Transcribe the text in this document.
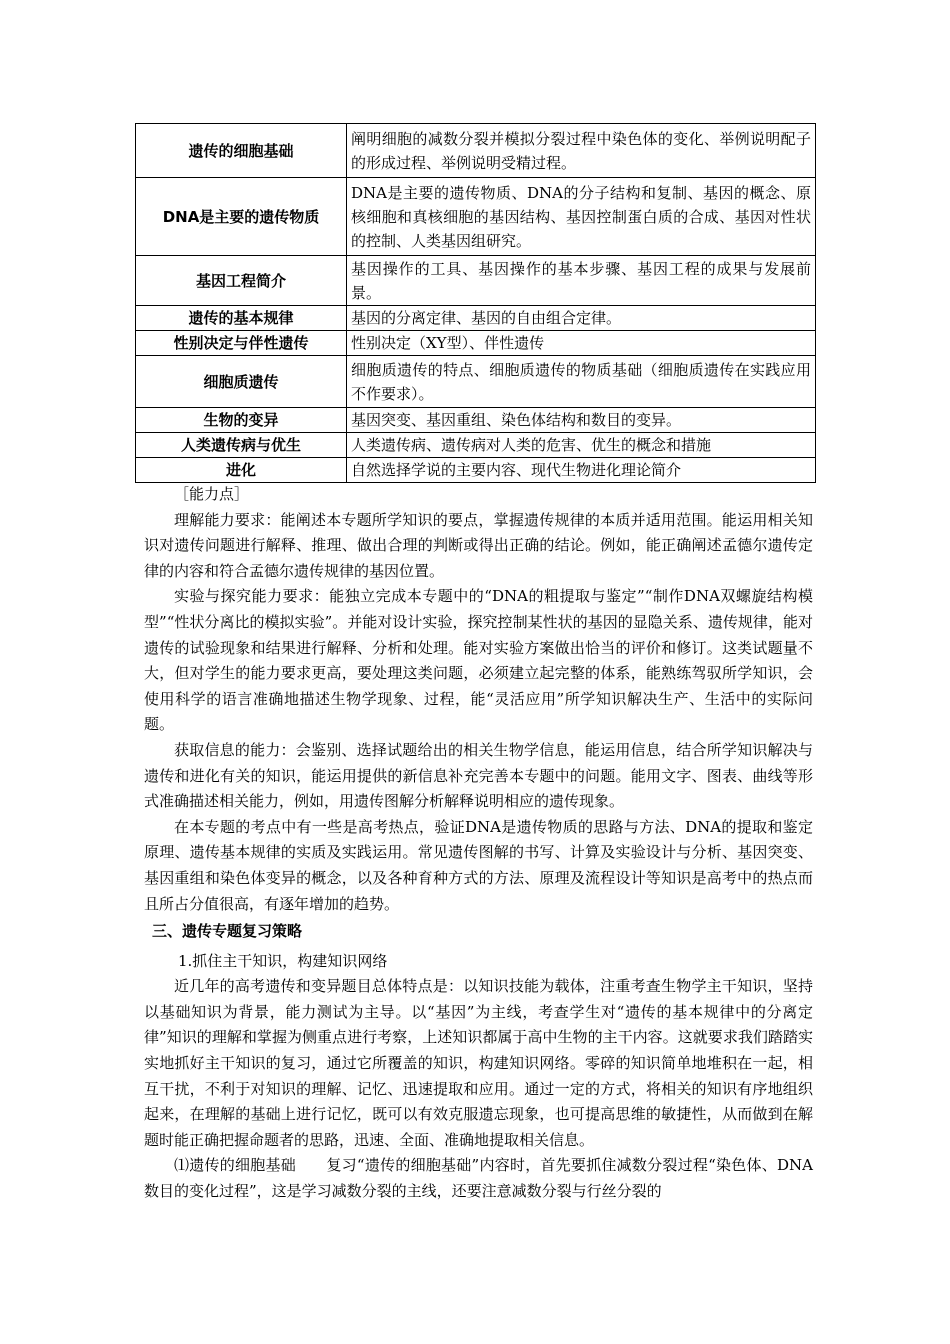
遗传的细胞基础	阐明细胞的减数分裂并模拟分裂过程中染色体的变化、举例说明配子的形成过程、举例说明受精过程。
DNA是主要的遗传物质	DNA是主要的遗传物质、DNA的分子结构和复制、基因的概念、原核细胞和真核细胞的基因结构、基因控制蛋白质的合成、基因对性状的控制、人类基因组研究。
基因工程简介	基因操作的工具、基因操作的基本步骤、基因工程的成果与发展前景。
遗传的基本规律	基因的分离定律、基因的自由组合定律。
性别决定与伴性遗传	性别决定（XY型）、伴性遗传
细胞质遗传	细胞质遗传的特点、细胞质遗传的物质基础（细胞质遗传在实践应用不作要求）。
生物的变异	基因突变、基因重组、染色体结构和数目的变异。
人类遗传病与优生	人类遗传病、遗传病对人类的危害、优生的概念和措施
进化	自然选择学说的主要内容、现代生物进化理论简介

［能力点］

理解能力要求：能阐述本专题所学知识的要点，掌握遗传规律的本质并适用范围。能运用相关知识对遗传问题进行解释、推理、做出合理的判断或得出正确的结论。例如，能正确阐述孟德尔遗传定律的内容和符合孟德尔遗传规律的基因位置。

实验与探究能力要求：能独立完成本专题中的“DNA的粗提取与鉴定”“制作DNA双螺旋结构模型”“性状分离比的模拟实验”。并能对设计实验，探究控制某性状的基因的显隐关系、遗传规律，能对遗传的试验现象和结果进行解释、分析和处理。能对实验方案做出恰当的评价和修订。这类试题量不大，但对学生的能力要求更高，要处理这类问题，必须建立起完整的体系，能熟练驾驭所学知识，会使用科学的语言准确地描述生物学现象、过程，能“灵活应用”所学知识解决生产、生活中的实际问题。

获取信息的能力：会鉴别、选择试题给出的相关生物学信息，能运用信息，结合所学知识解决与遗传和进化有关的知识，能运用提供的新信息补充完善本专题中的问题。能用文字、图表、曲线等形式准确描述相关能力，例如，用遗传图解分析解释说明相应的遗传现象。

在本专题的考点中有一些是高考热点，验证DNA是遗传物质的思路与方法、DNA的提取和鉴定原理、遗传基本规律的实质及实践运用。常见遗传图解的书写、计算及实验设计与分析、基因突变、基因重组和染色体变异的概念，以及各种育种方式的方法、原理及流程设计等知识是高考中的热点而且所占分值很高，有逐年增加的趋势。

三、遗传专题复习策略

1.抓住主干知识，构建知识网络

近几年的高考遗传和变异题目总体特点是：以知识技能为载体，注重考查生物学主干知识，坚持以基础知识为背景，能力测试为主导。以“基因”为主线，考查学生对“遗传的基本规律中的分离定律”知识的理解和掌握为侧重点进行考察，上述知识都属于高中生物的主干内容。这就要求我们踏踏实实地抓好主干知识的复习，通过它所覆盖的知识，构建知识网络。零碎的知识简单地堆积在一起，相互干扰，不利于对知识的理解、记忆、迅速提取和应用。通过一定的方式，将相关的知识有序地组织起来，在理解的基础上进行记忆，既可以有效克服遗忘现象，也可提高思维的敏捷性，从而做到在解题时能正确把握命题者的思路，迅速、全面、准确地提取相关信息。

⑴遗传的细胞基础　　复习“遗传的细胞基础”内容时，首先要抓住减数分裂过程“染色体、DNA数目的变化过程”，这是学习减数分裂的主线，还要注意减数分裂与行丝分裂的
